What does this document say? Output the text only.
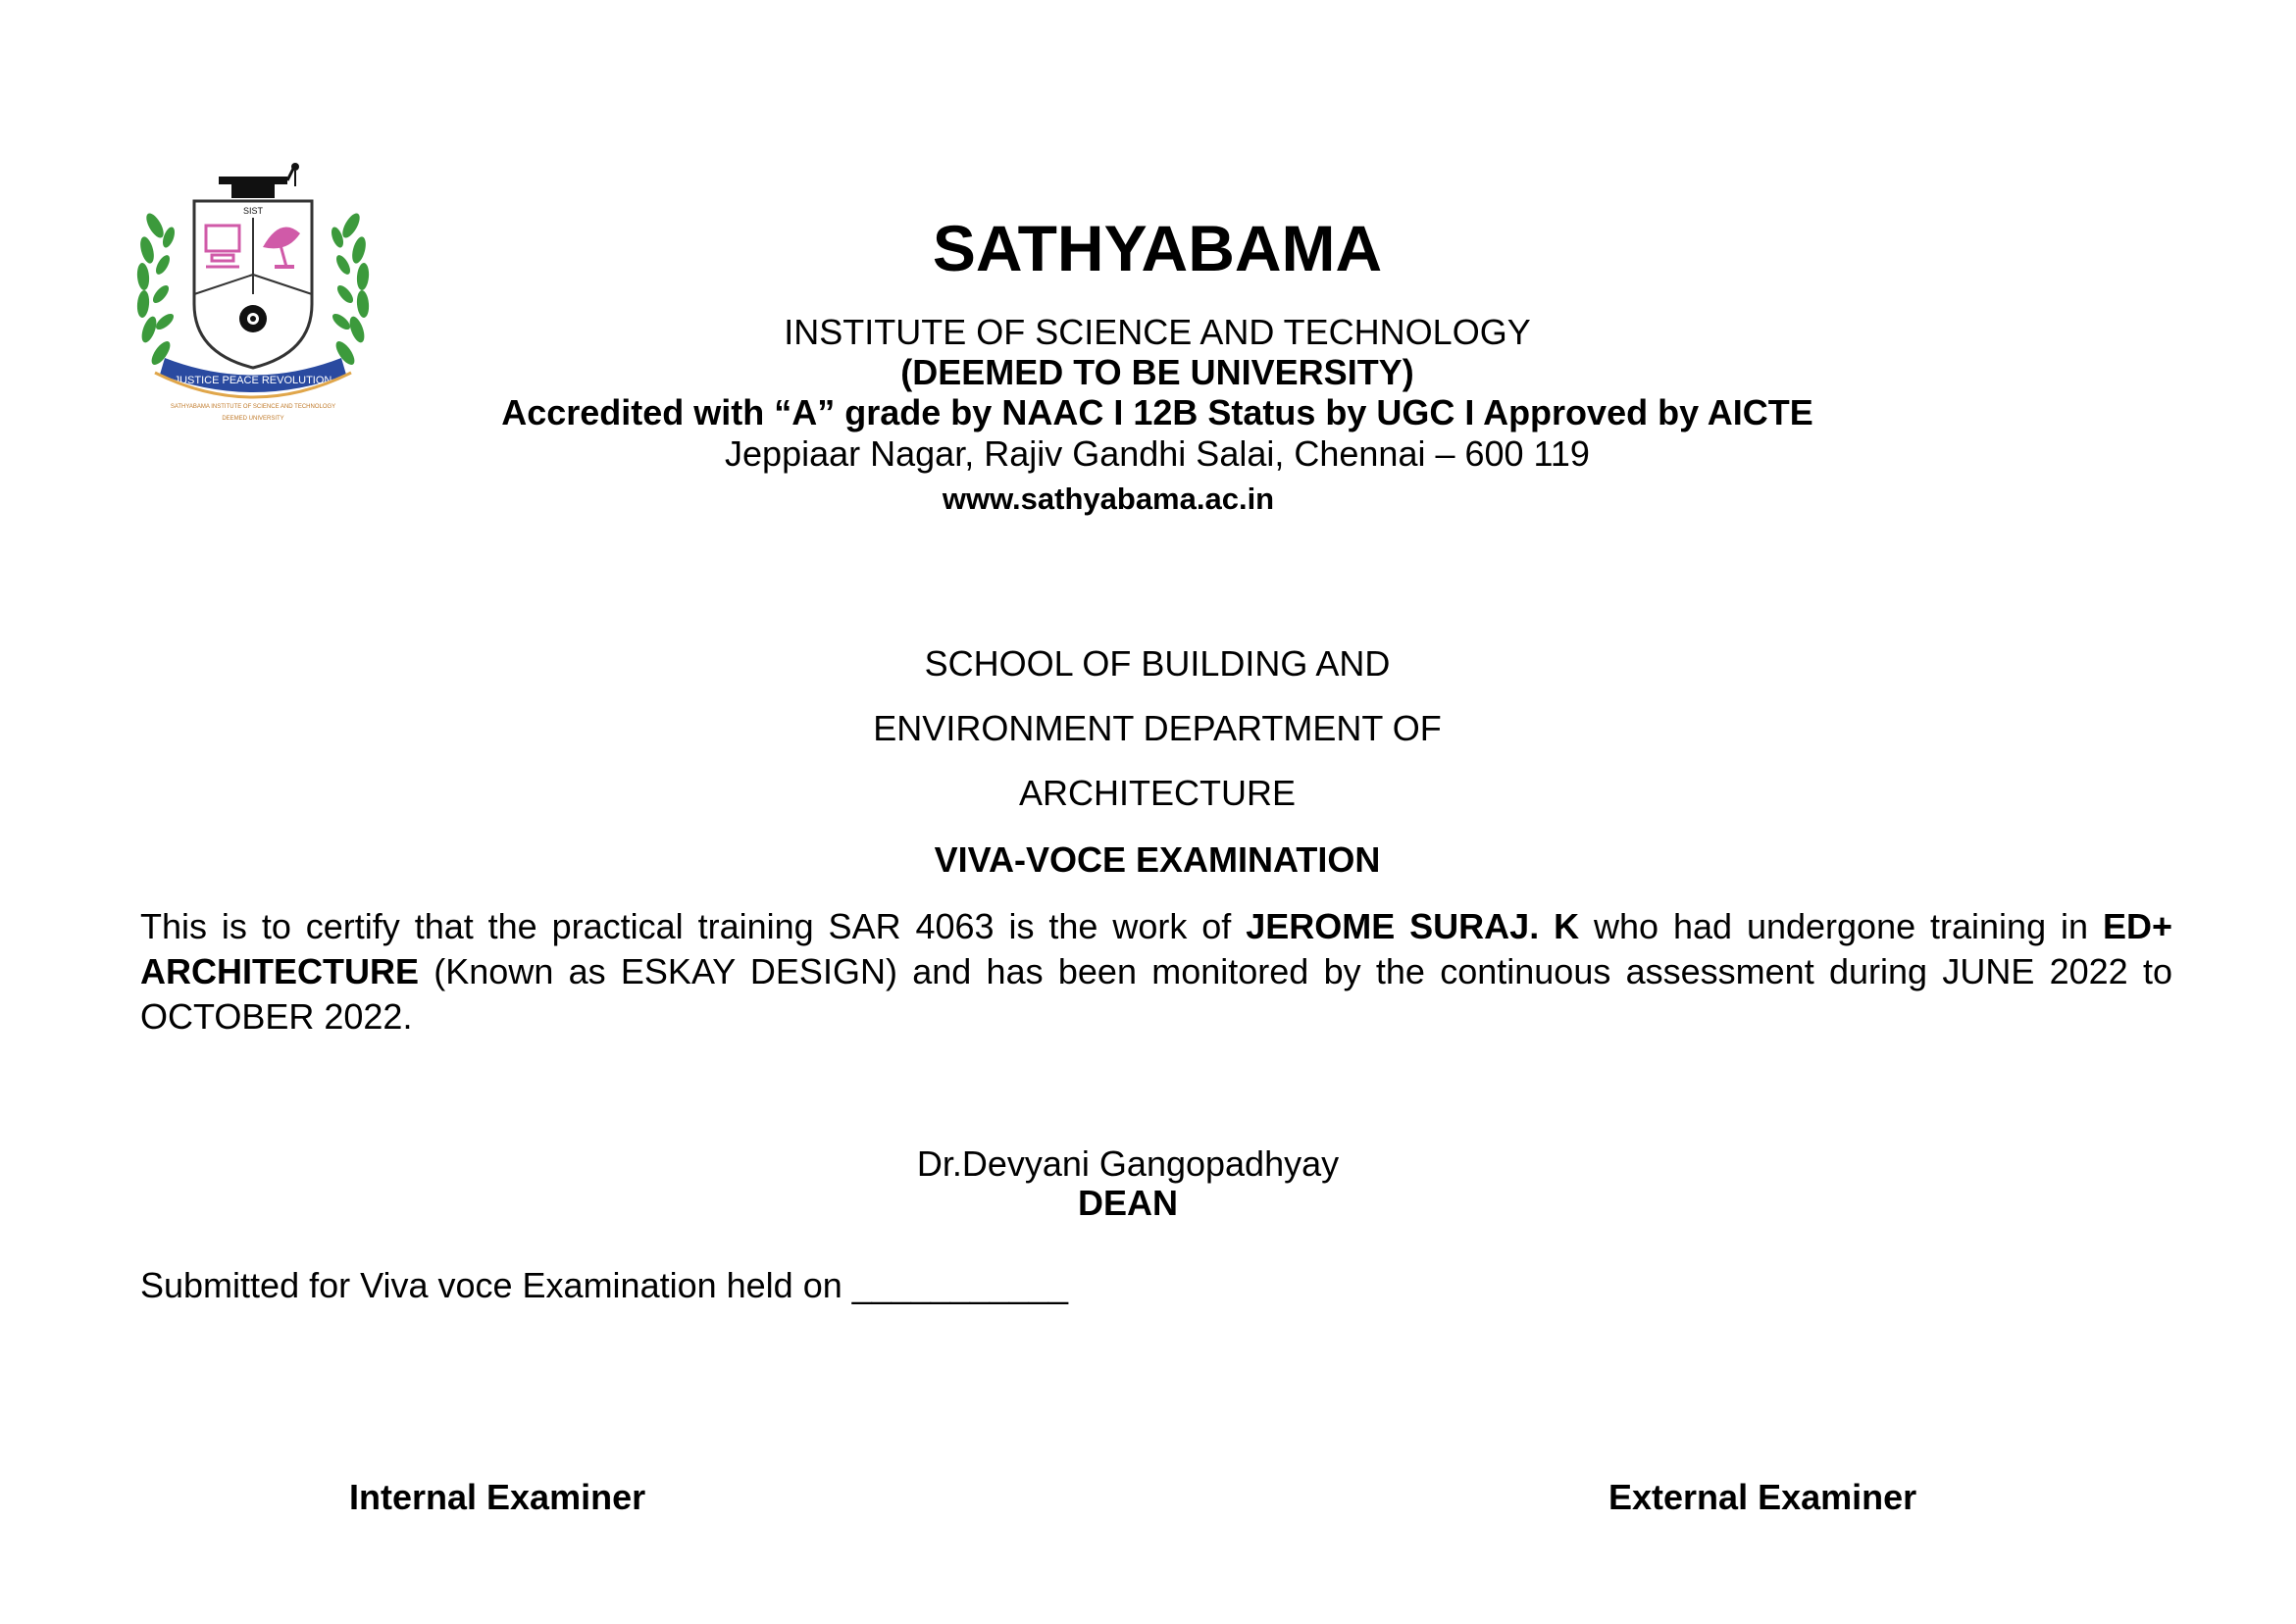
SIST
JUSTICE PEACE REVOLUTION
SATHYABAMA INSTITUTE OF SCIENCE AND TECHNOLOGY
DEEMED UNIVERSITY
SATHYABAMA
INSTITUTE OF SCIENCE AND TECHNOLOGY
(DEEMED TO BE UNIVERSITY)
Accredited with “A” grade by NAAC I 12B Status by UGC I Approved by AICTE
Jeppiaar Nagar, Rajiv Gandhi Salai, Chennai – 600 119
www.sathyabama.ac.in
SCHOOL OF BUILDING AND
ENVIRONMENT DEPARTMENT OF
ARCHITECTURE
VIVA-VOCE EXAMINATION
This is to certify that the practical training SAR 4063 is the work of JEROME SURAJ. K who had undergone training in ED+ ARCHITECTURE (Known as ESKAY DESIGN) and has been monitored by the continuous assessment during JUNE 2022 to OCTOBER 2022.
Dr.Devyani Gangopadhyay
DEAN
Submitted for Viva voce Examination held on ___________
Internal Examiner	External Examiner
